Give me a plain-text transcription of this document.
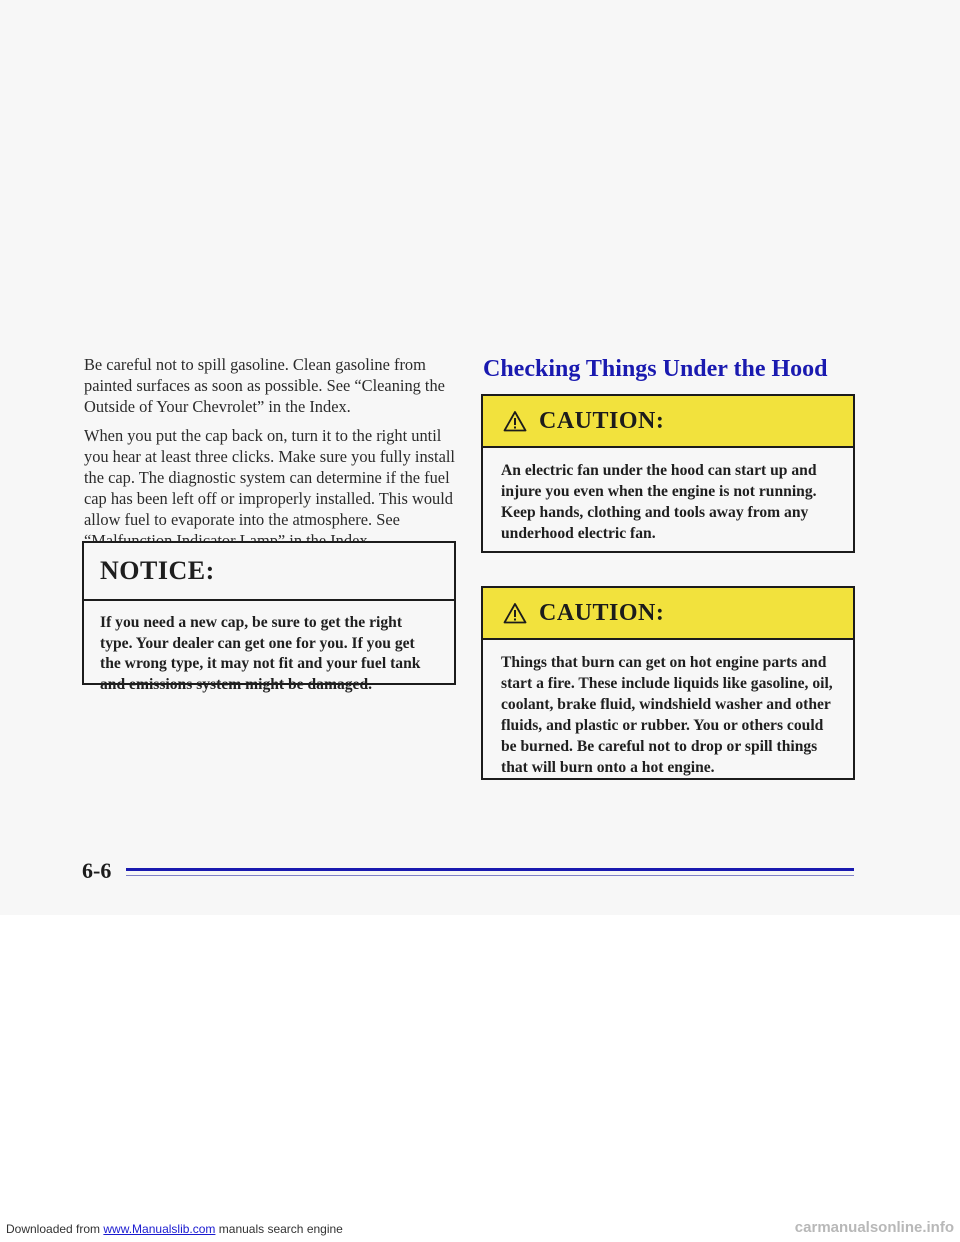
Be careful not to spill gasoline. Clean gasoline from painted surfaces as soon as possible. See “Cleaning the Outside of Your Chevrolet” in the Index.

When you put the cap back on, turn it to the right until you hear at least three clicks. Make sure you fully install the cap. The diagnostic system can determine if the fuel cap has been left off or improperly installed. This would allow fuel to evaporate into the atmosphere. See

NOTICE:
If you need a new cap, be sure to get the right type. Your dealer can get one for you. If you get the wrong type, it may not fit and your fuel tank and emissions system might be damaged.
Checking Things Under the Hood
CAUTION:
An electric fan under the hood can start up and injure you even when the engine is not running. Keep hands, clothing and tools away from any underhood electric fan.
CAUTION:
Things that burn can get on hot engine parts and start a fire. These include liquids like gasoline, oil, coolant, brake fluid, windshield washer and other fluids, and plastic or rubber. You or others could be burned. Be careful not to drop or spill things that will burn onto a hot engine.
6-6
Downloaded from www.Manualslib.com manuals search engine	carmanualsonline.info
